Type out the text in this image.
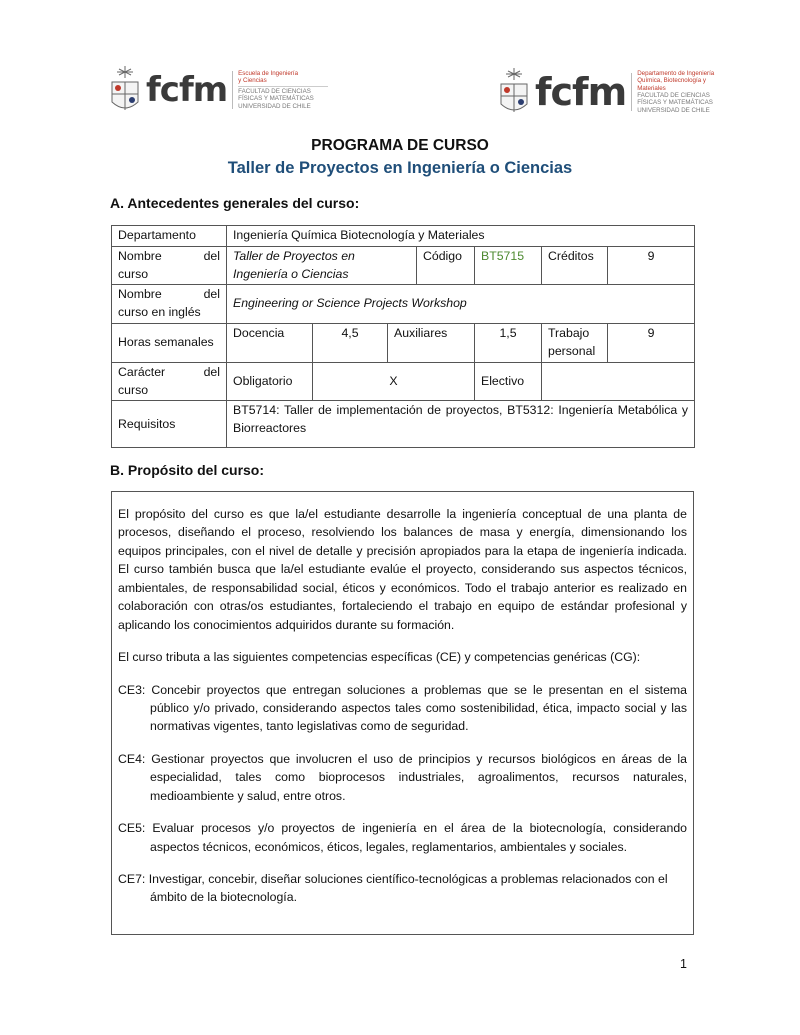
fcfm Escuela de Ingeniería
y Ciencias
FACULTAD DE CIENCIAS
FÍSICAS Y MATEMÁTICAS
UNIVERSIDAD DE CHILE	fcfm Departamento de Ingeniería
Química, Biotecnología y
Materiales
FACULTAD DE CIENCIAS
FÍSICAS Y MATEMÁTICAS
UNIVERSIDAD DE CHILE
PROGRAMA DE CURSO
Taller de Proyectos en Ingeniería o Ciencias
A. Antecedentes generales del curso:
Departamento	Ingeniería Química Biotecnología y Materiales						

Nombre del
curso	Taller de Proyectos en Ingeniería o Ciencias			Código	BT5715	Créditos	9

Nombre del
curso en inglés	Engineering or Science Projects Workshop						
Horas semanales	Docencia	4,5	Auxiliares		1,5	Trabajo personal	9

Carácter del
curso	Obligatorio	X			Electivo		
Requisitos	BT5714: Taller de implementación de proyectos, BT5312: Ingeniería Metabólica y Biorreactores						
B. Propósito del curso:

El propósito del curso es que la/el estudiante desarrolle la ingeniería conceptual de una planta de procesos, diseñando el proceso, resolviendo los balances de masa y energía, dimensionando los equipos principales, con el nivel de detalle y precisión apropiados para la etapa de ingeniería indicada. El curso también busca que la/el estudiante evalúe el proyecto, considerando sus aspectos técnicos, ambientales, de responsabilidad social, éticos y económicos. Todo el trabajo anterior es realizado en colaboración con otras/os estudiantes, fortaleciendo el trabajo en equipo de estándar profesional y aplicando los conocimientos adquiridos durante su formación.

El curso tributa a las siguientes competencias específicas (CE) y competencias genéricas (CG):

CE3: Concebir proyectos que entregan soluciones a problemas que se le presentan en el sistema público y/o privado, considerando aspectos tales como sostenibilidad, ética, impacto social y las normativas vigentes, tanto legislativas como de seguridad.
CE4: Gestionar proyectos que involucren el uso de principios y recursos biológicos en áreas de la especialidad, tales como bioprocesos industriales, agroalimentos, recursos naturales, medioambiente y salud, entre otros.
CE5: Evaluar procesos y/o proyectos de ingeniería en el área de la biotecnología, considerando aspectos técnicos, económicos, éticos, legales, reglamentarios, ambientales y sociales.
CE7: Investigar, concebir, diseñar soluciones científico-tecnológicas a problemas relacionados con el ámbito de la biotecnología.
1
